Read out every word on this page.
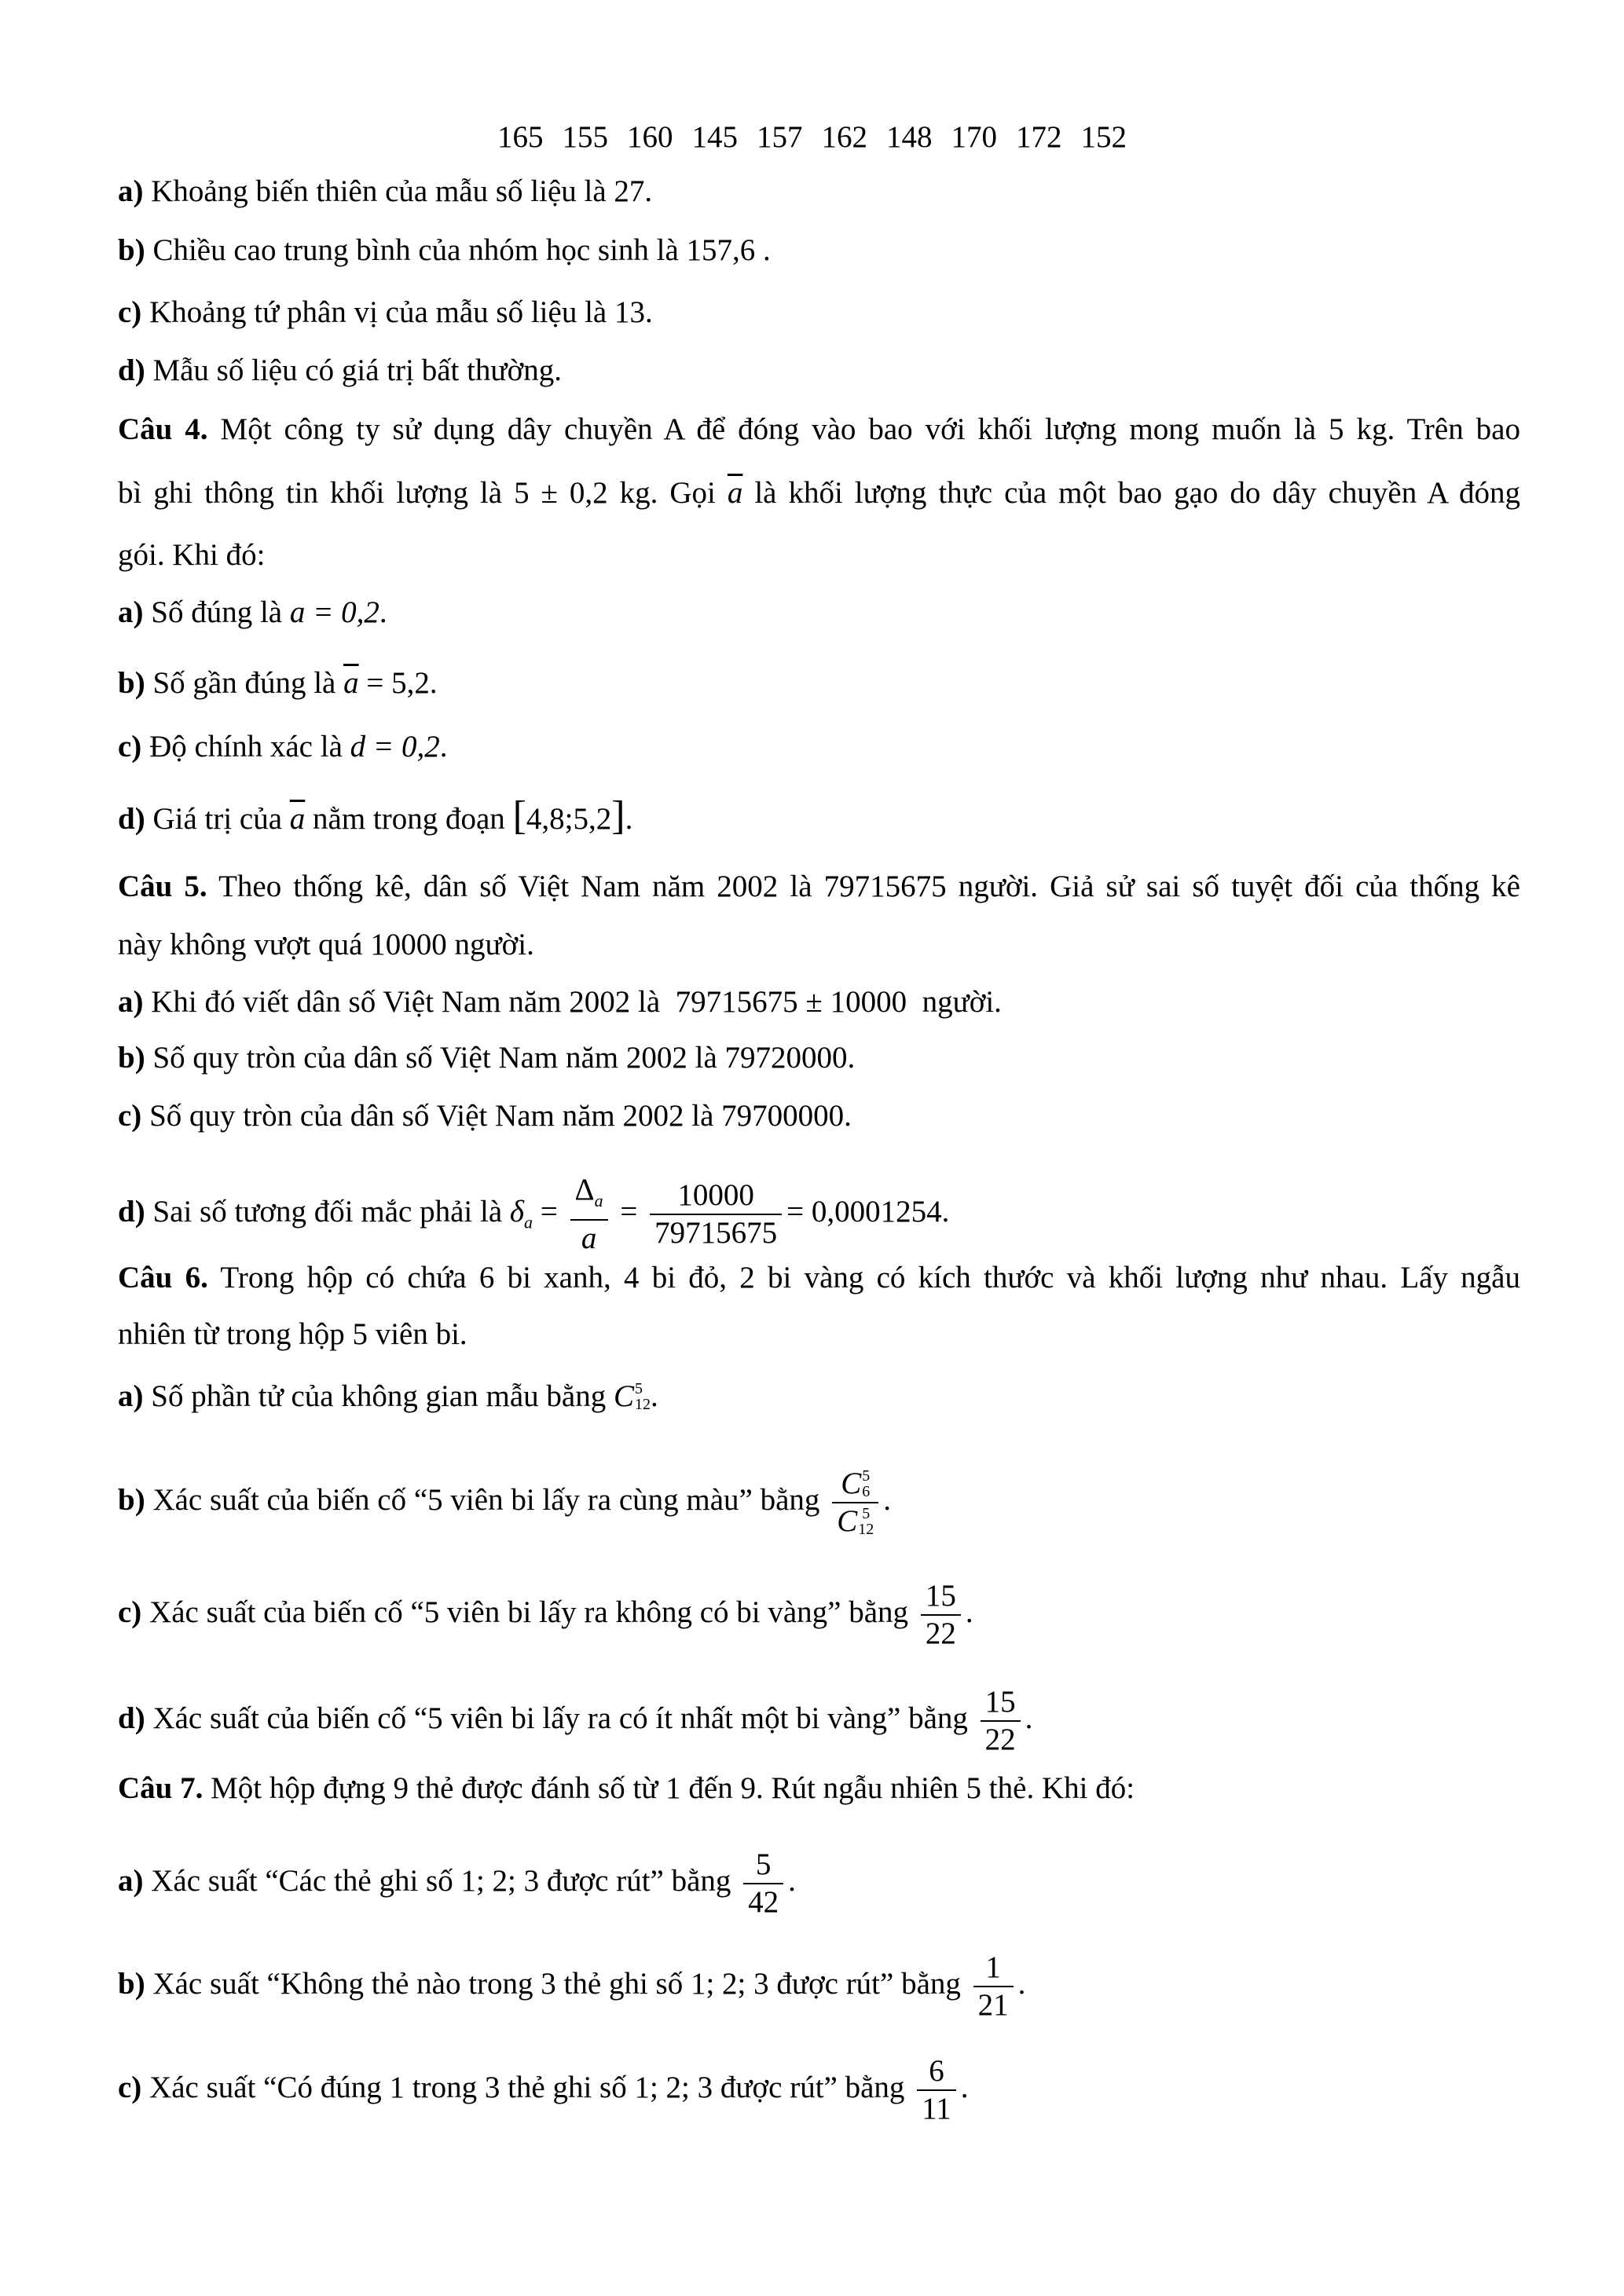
165 155 160 145 157 162 148 170 172 152
a) Khoảng biến thiên của mẫu số liệu là 27.
b) Chiều cao trung bình của nhóm học sinh là 157,6 .
c) Khoảng tứ phân vị của mẫu số liệu là 13.
d) Mẫu số liệu có giá trị bất thường.
Câu 4. Một công ty sử dụng dây chuyền A để đóng vào bao với khối lượng mong muốn là 5 kg. Trên bao
bì ghi thông tin khối lượng là 5 ± 0,2 kg. Gọi $\overline{a}$ là khối lượng thực của một bao gạo do dây chuyền A đóng
gói. Khi đó:
a) Số đúng là a = 0,2.
b) Số gần đúng là $\overline{a} = 5,2$.
c) Độ chính xác là d = 0,2.
d) Giá trị của $\overline{a}$ nằm trong đoạn [4,8;5,2].
Câu 5. Theo thống kê, dân số Việt Nam năm 2002 là 79715675 người. Giả sử sai số tuyệt đối của thống kê
này không vượt quá 10000 người.
a) Khi đó viết dân số Việt Nam năm 2002 là  79715675 ± 10000  người.
b) Số quy tròn của dân số Việt Nam năm 2002 là 79720000.
c) Số quy tròn của dân số Việt Nam năm 2002 là 79700000.
d) Sai số tương đối mắc phải là $\delta_a = \frac{\Delta_a}{a} = \frac{10000}{79715675} = 0,0001254$.
Câu 6. Trong hộp có chứa 6 bi xanh, 4 bi đỏ, 2 bi vàng có kích thước và khối lượng như nhau. Lấy ngẫu
nhiên từ trong hộp 5 viên bi.
a) Số phần tử của không gian mẫu bằng C 5
12 .
b) Xác suất của biến cố “5 viên bi lấy ra cùng màu” bằng C 5
6
C 5
12 .
c) Xác suất của biến cố “5 viên bi lấy ra không có bi vàng” bằng $\frac{15}{22}$ .
d) Xác suất của biến cố “5 viên bi lấy ra có ít nhất một bi vàng” bằng $\frac{15}{22}$ .
Câu 7. Một hộp đựng 9 thẻ được đánh số từ 1 đến 9. Rút ngẫu nhiên 5 thẻ. Khi đó:
a) Xác suất “Các thẻ ghi số 1; 2; 3 được rút” bằng $\frac{5}{42}$ .
b) Xác suất “Không thẻ nào trong 3 thẻ ghi số 1; 2; 3 được rút” bằng $\frac{1}{21}$ .
c) Xác suất “Có đúng 1 trong 3 thẻ ghi số 1; 2; 3 được rút” bằng $\frac{6}{11}$ .
